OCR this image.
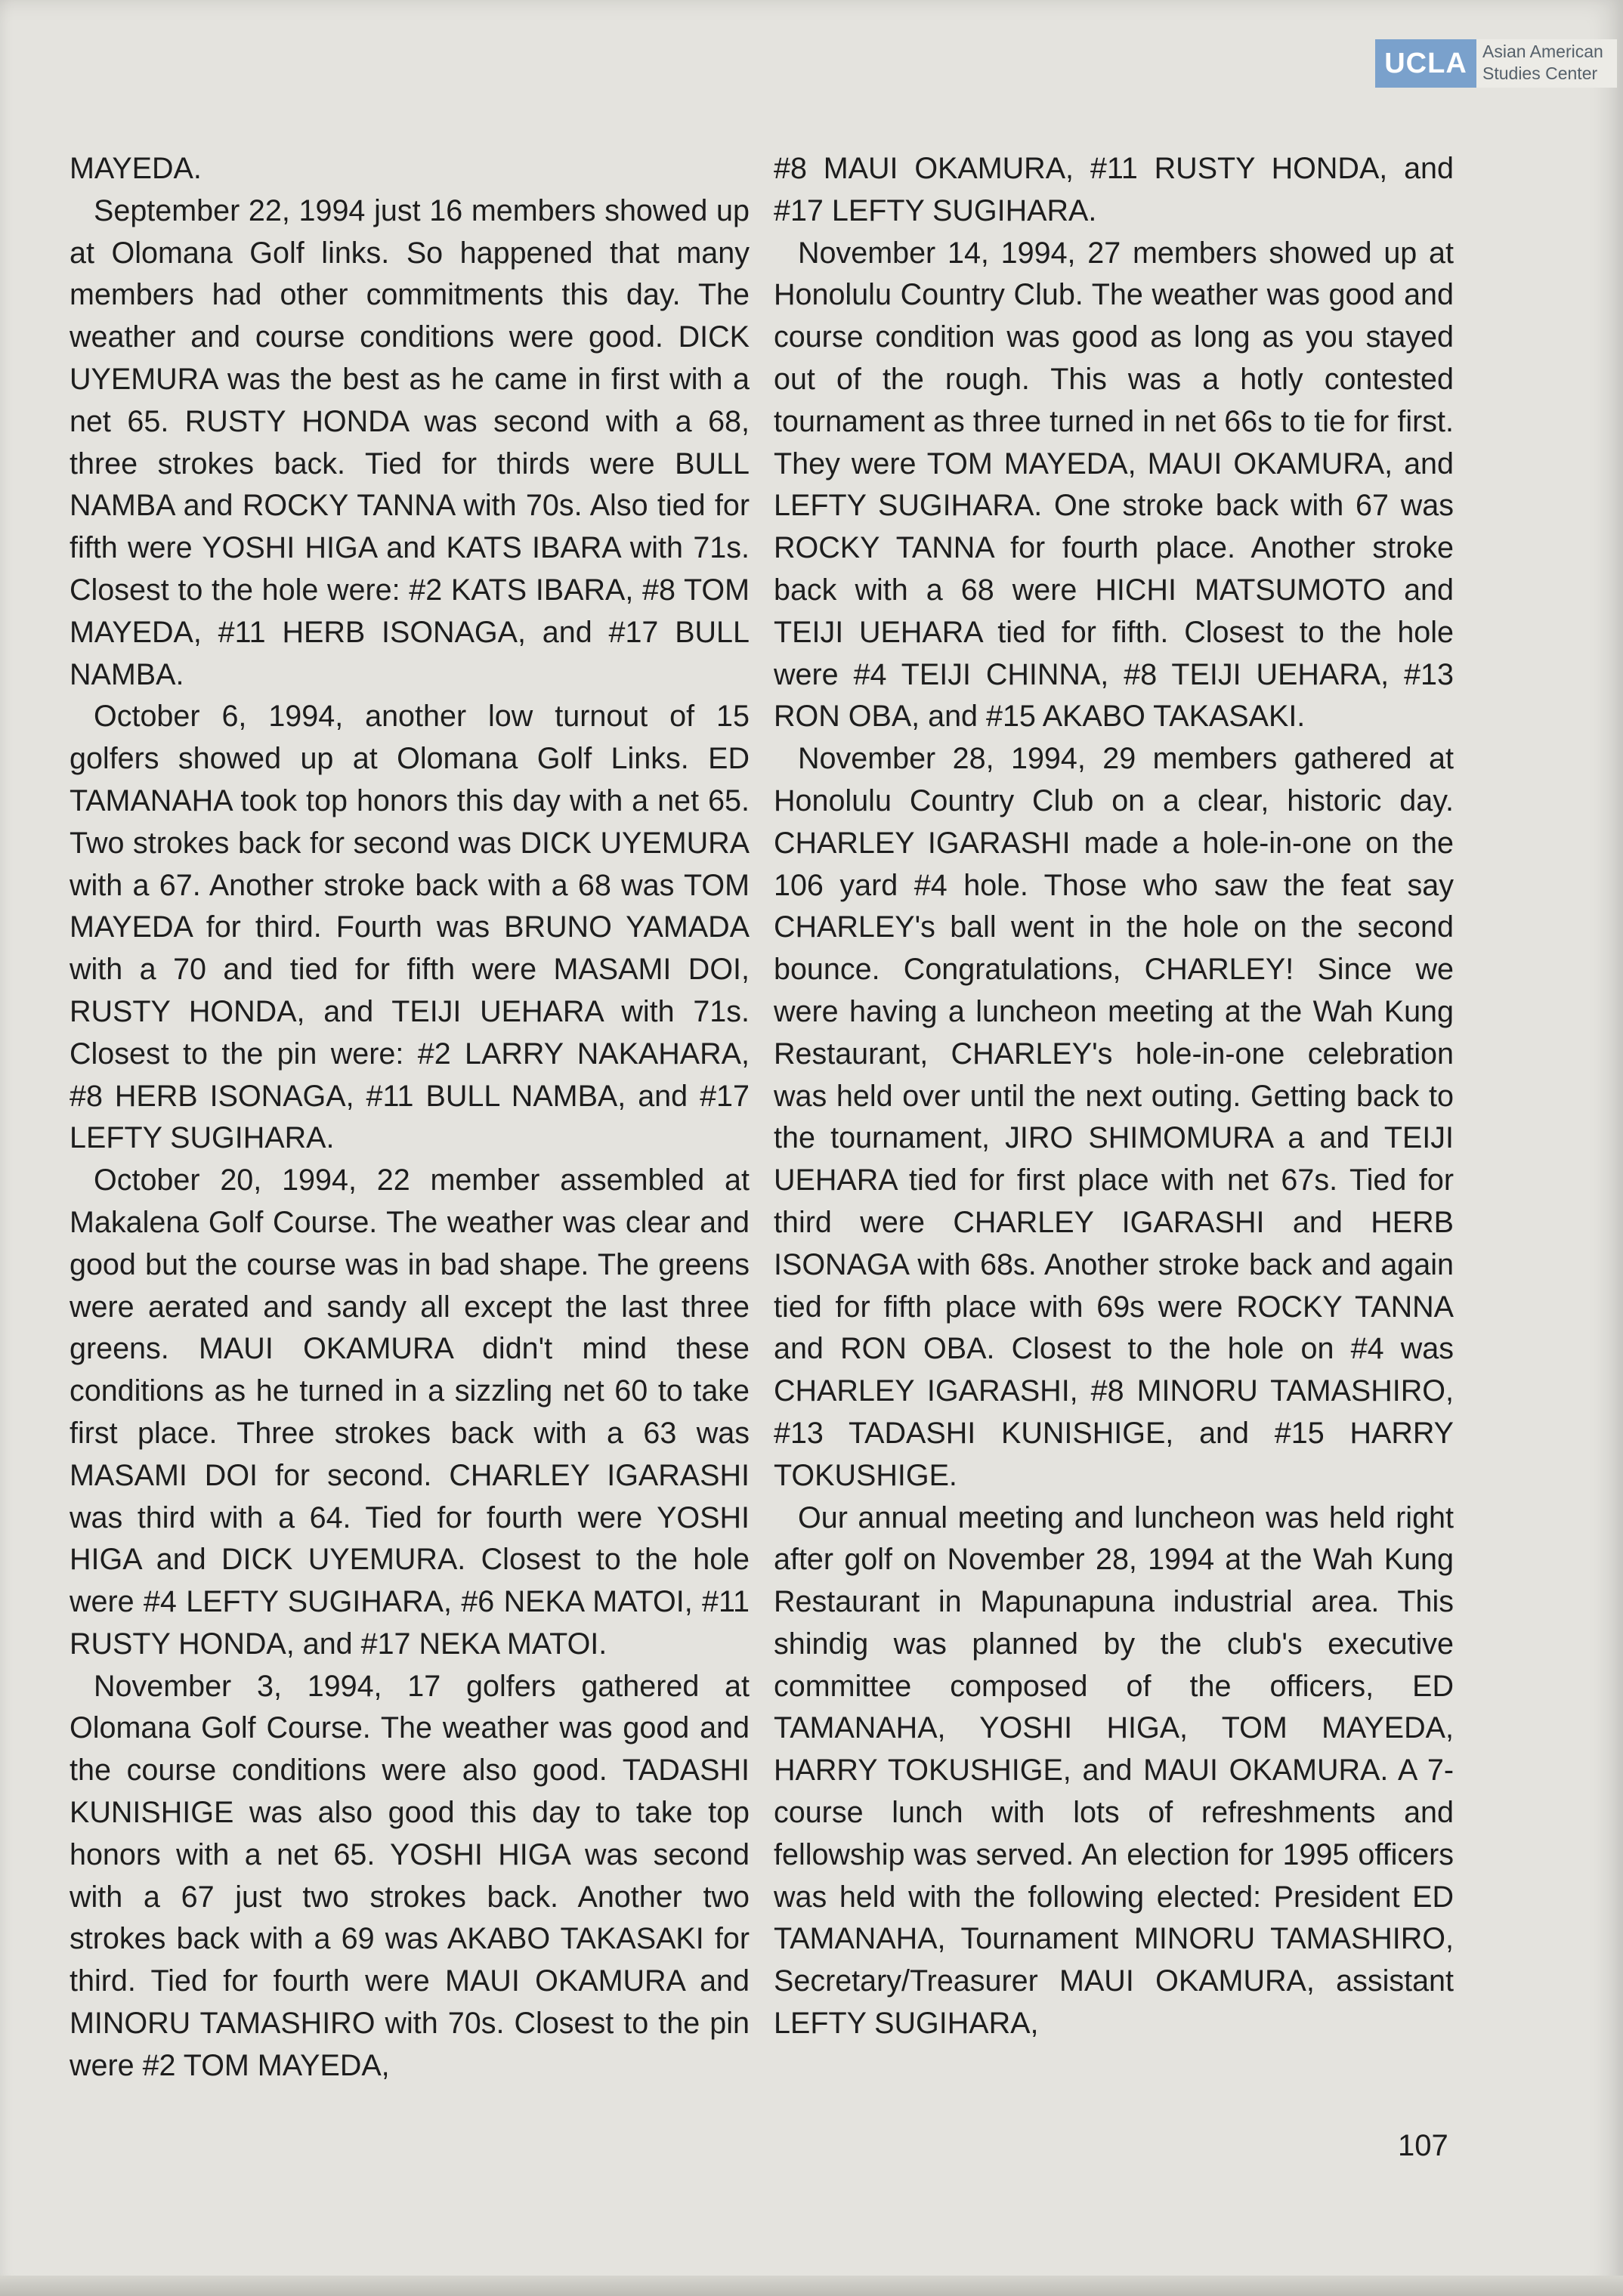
UCLA Asian American
Studies Center

MAYEDA.

September 22, 1994 just 16 members showed up at Olomana Golf links. So happened that many members had other commitments this day. The weather and course conditions were good. DICK UYEMURA was the best as he came in first with a net 65. RUSTY HONDA was second with a 68, three strokes back. Tied for thirds were BULL NAMBA and ROCKY TANNA with 70s. Also tied for fifth were YOSHI HIGA and KATS IBARA with 71s. Closest to the hole were: #2 KATS IBARA, #8 TOM MAYEDA, #11 HERB ISONAGA, and #17 BULL NAMBA.

October 6, 1994, another low turnout of 15 golfers showed up at Olomana Golf Links. ED TAMANAHA took top honors this day with a net 65. Two strokes back for second was DICK UYEMURA with a 67. Another stroke back with a 68 was TOM MAYEDA for third. Fourth was BRUNO YAMADA with a 70 and tied for fifth were MASAMI DOI, RUSTY HONDA, and TEIJI UEHARA with 71s. Closest to the pin were: #2 LARRY NAKAHARA, #8 HERB ISONAGA, #11 BULL NAMBA, and #17 LEFTY SUGIHARA.

October 20, 1994, 22 member assembled at Makalena Golf Course. The weather was clear and good but the course was in bad shape. The greens were aerated and sandy all except the last three greens. MAUI OKAMURA didn't mind these conditions as he turned in a sizzling net 60 to take first place. Three strokes back with a 63 was MASAMI DOI for second. CHARLEY IGARASHI was third with a 64. Tied for fourth were YOSHI HIGA and DICK UYEMURA. Closest to the hole were #4 LEFTY SUGIHARA, #6 NEKA MATOI, #11 RUSTY HONDA, and #17 NEKA MATOI.

November 3, 1994, 17 golfers gathered at Olomana Golf Course. The weather was good and the course conditions were also good. TADASHI KUNISHIGE was also good this day to take top honors with a net 65. YOSHI HIGA was second with a 67 just two strokes back. Another two strokes back with a 69 was AKABO TAKASAKI for third. Tied for fourth were MAUI OKAMURA and MINORU TAMASHIRO with 70s. Closest to the pin were #2 TOM MAYEDA,

#8 MAUI OKAMURA, #11 RUSTY HONDA, and #17 LEFTY SUGIHARA.

November 14, 1994, 27 members showed up at Honolulu Country Club. The weather was good and course condition was good as long as you stayed out of the rough. This was a hotly contested tournament as three turned in net 66s to tie for first. They were TOM MAYEDA, MAUI OKAMURA, and LEFTY SUGIHARA. One stroke back with 67 was ROCKY TANNA for fourth place. Another stroke back with a 68 were HICHI MATSUMOTO and TEIJI UEHARA tied for fifth. Closest to the hole were #4 TEIJI CHINNA, #8 TEIJI UEHARA, #13 RON OBA, and #15 AKABO TAKASAKI.

November 28, 1994, 29 members gathered at Honolulu Country Club on a clear, historic day. CHARLEY IGARASHI made a hole-in-one on the 106 yard #4 hole. Those who saw the feat say CHARLEY's ball went in the hole on the second bounce. Congratulations, CHARLEY! Since we were having a luncheon meeting at the Wah Kung Restaurant, CHARLEY's hole-in-one celebration was held over until the next outing. Getting back to the tournament, JIRO SHIMOMURA a and TEIJI UEHARA tied for first place with net 67s. Tied for third were CHARLEY IGARASHI and HERB ISONAGA with 68s. Another stroke back and again tied for fifth place with 69s were ROCKY TANNA and RON OBA. Closest to the hole on #4 was CHARLEY IGARASHI, #8 MINORU TAMASHIRO, #13 TADASHI KUNISHIGE, and #15 HARRY TOKUSHIGE.

Our annual meeting and luncheon was held right after golf on November 28, 1994 at the Wah Kung Restaurant in Mapunapuna industrial area. This shindig was planned by the club's executive committee composed of the officers, ED TAMANAHA, YOSHI HIGA, TOM MAYEDA, HARRY TOKUSHIGE, and MAUI OKAMURA. A 7-course lunch with lots of refreshments and fellowship was served. An election for 1995 officers was held with the following elected: President ED TAMANAHA, Tournament MINORU TAMASHIRO, Secretary/Treasurer MAUI OKAMURA, assistant LEFTY SUGIHARA,

107
